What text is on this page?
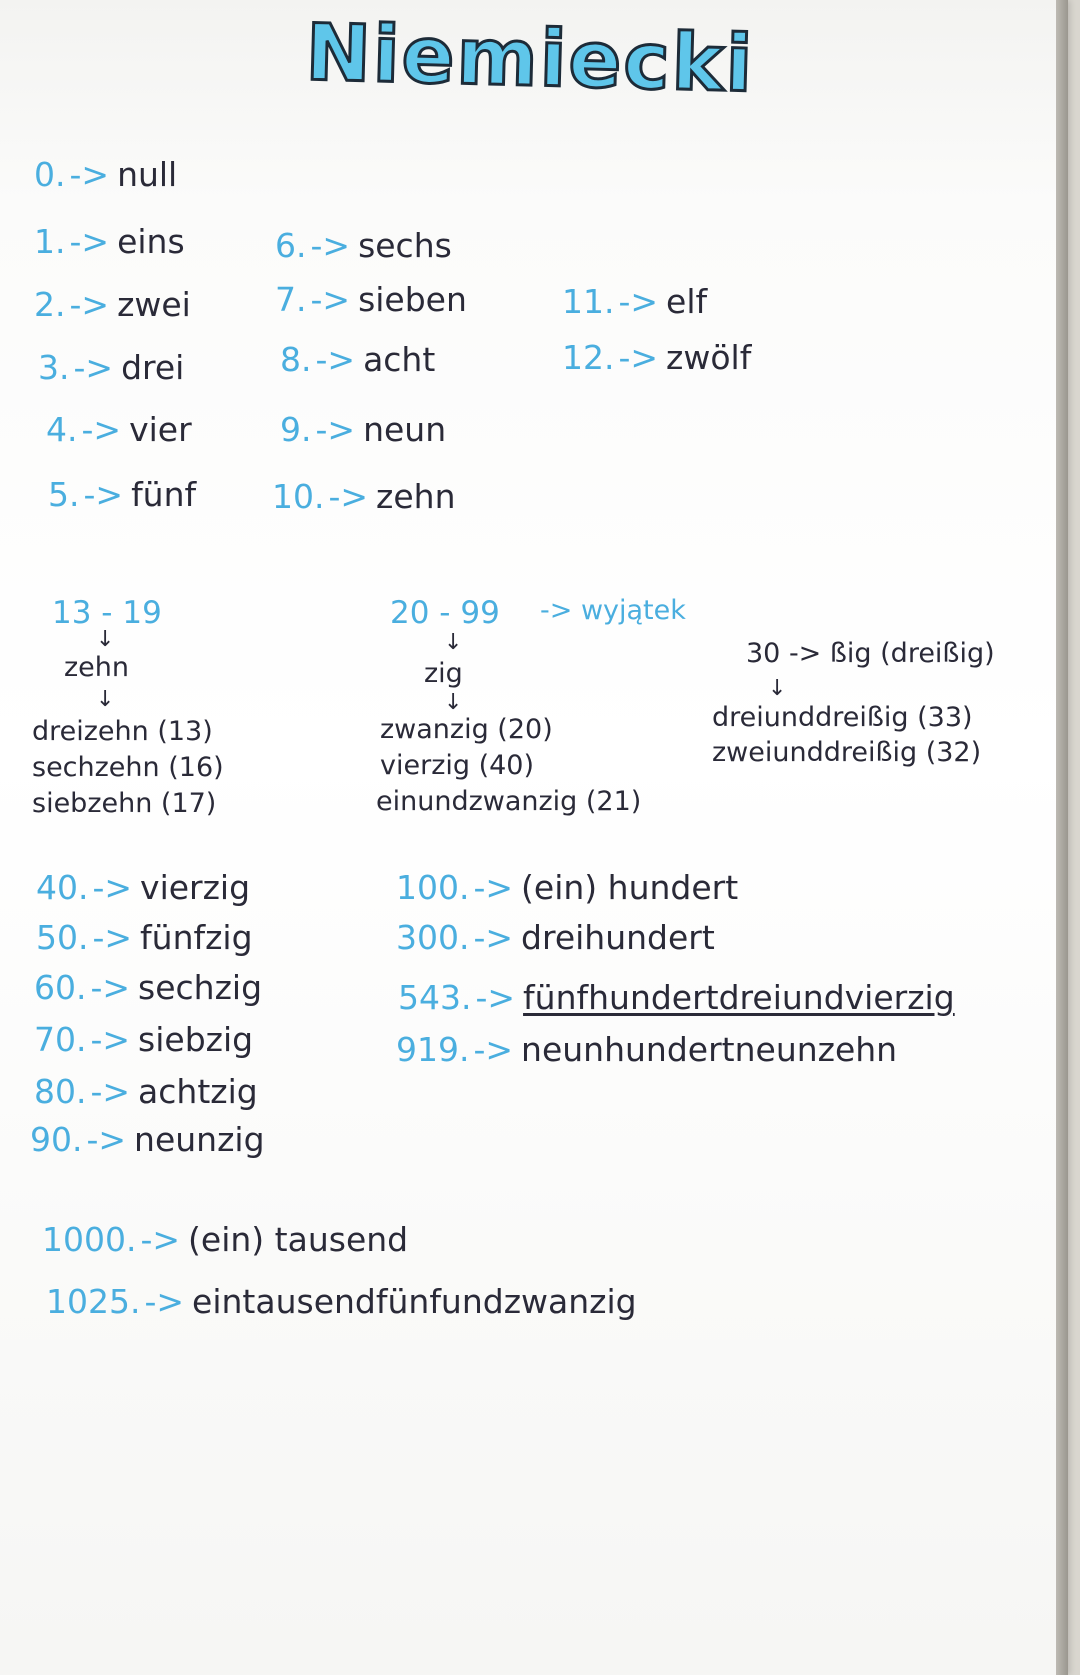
Niemiecki
0. -> null
1. -> eins
2. -> zwei
3. -> drei
4. -> vier
5. -> fünf
6. -> sechs
7. -> sieben
8. -> acht
9. -> neun
10. -> zehn
11. -> elf
12. -> zwölf
13 - 19
↓
zehn
↓
dreizehn (13)
sechzehn (16)
siebzehn (17)
20 - 99 -> wyjątek
↓
zig
↓
zwanzig (20)
vierzig (40)
einundzwanzig (21)
30 -> ßig (dreißig)
↓
dreiunddreißig (33)
zweiunddreißig (32)
40. -> vierzig
50. -> fünfzig
60. -> sechzig
70. -> siebzig
80. -> achtzig
90. -> neunzig
100. -> (ein) hundert
300. -> dreihundert
543. -> fünfhundertdreiundvierzig
919. -> neunhundertneunzehn
1000. -> (ein) tausend
1025. -> eintausendfünfundzwanzig
